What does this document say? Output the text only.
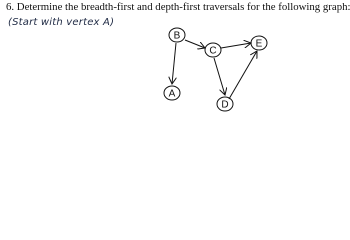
6. Determine the breadth-first and depth-first traversals for the following graph:
(Start with vertex A)
B
C
E
A
D
